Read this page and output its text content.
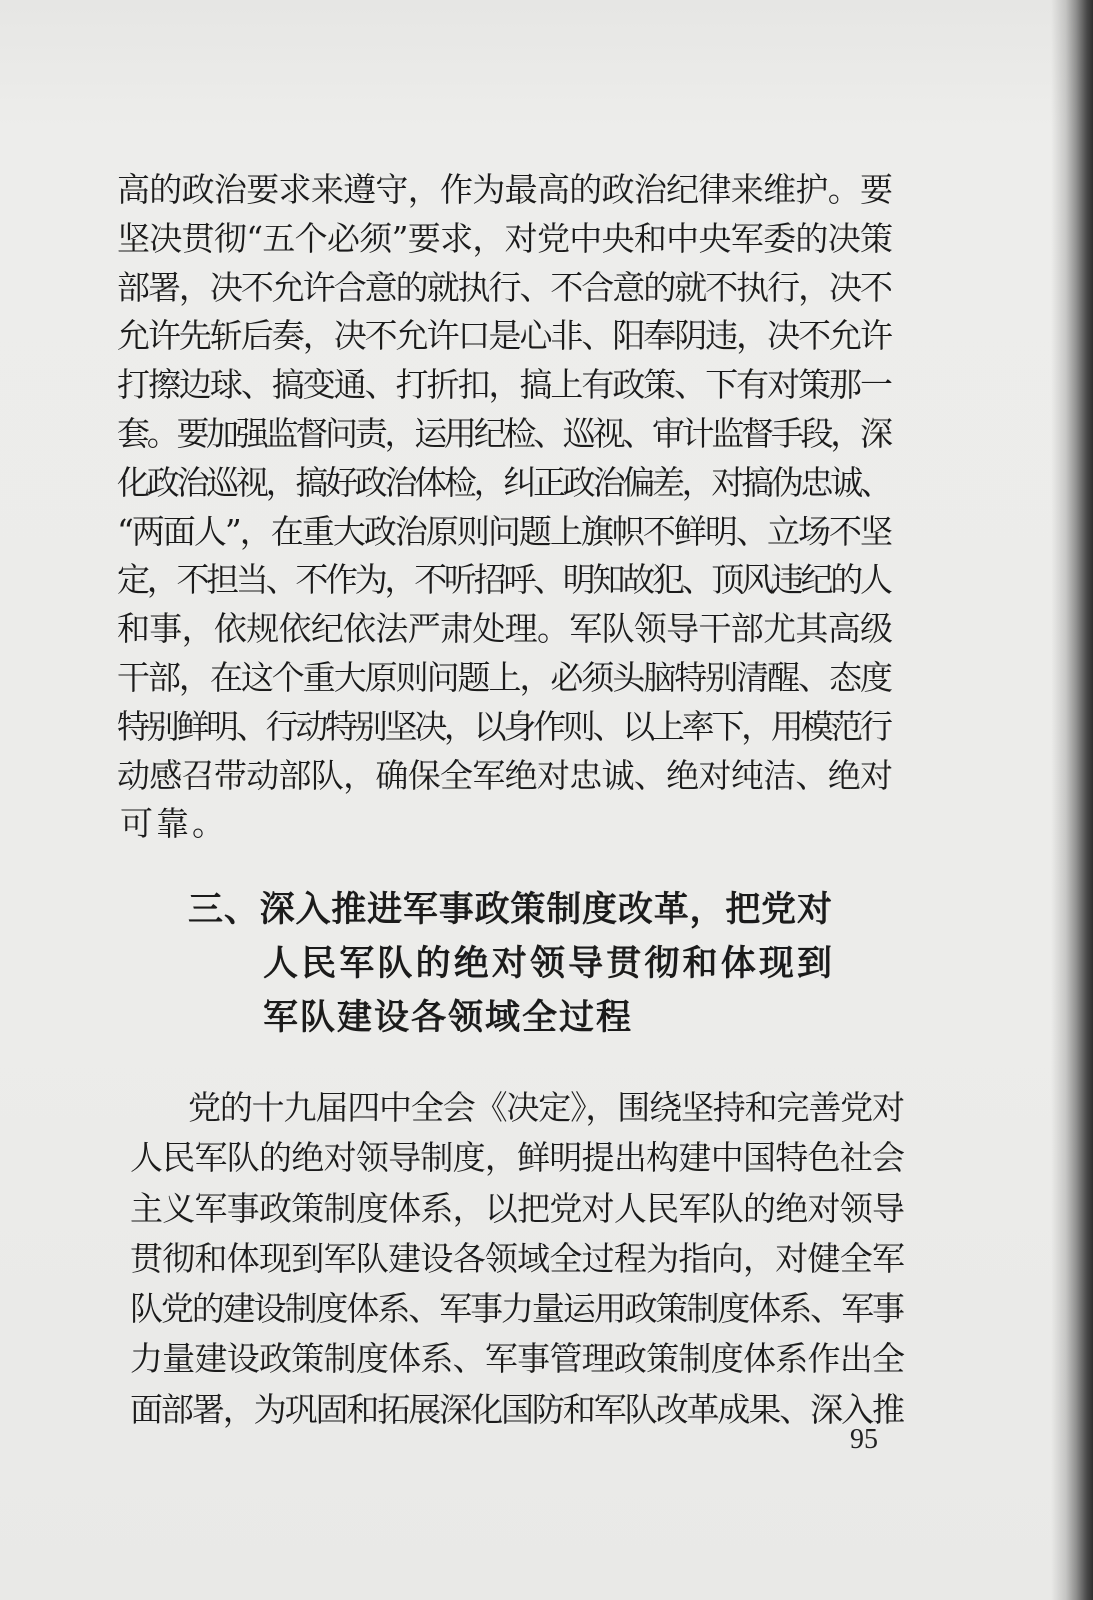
高的政治要求来遵守，作为最高的政治纪律来维护。要
坚决贯彻“五个必须”要求，对党中央和中央军委的决策
部署，决不允许合意的就执行、不合意的就不执行，决不
允许先斩后奏，决不允许口是心非、阳奉阴违，决不允许
打擦边球、搞变通、打折扣，搞上有政策、下有对策那一
套。要加强监督问责，运用纪检、巡视、审计监督手段，深
化政治巡视，搞好政治体检，纠正政治偏差，对搞伪忠诚、
“两面人”，在重大政治原则问题上旗帜不鲜明、立场不坚
定，不担当、不作为，不听招呼、明知故犯、顶风违纪的人
和事，依规依纪依法严肃处理。军队领导干部尤其高级
干部，在这个重大原则问题上，必须头脑特别清醒、态度
特别鲜明、行动特别坚决，以身作则、以上率下，用模范行
动感召带动部队，确保全军绝对忠诚、绝对纯洁、绝对
可靠。
三、深入推进军事政策制度改革，把党对
人民军队的绝对领导贯彻和体现到
军队建设各领域全过程
党的十九届四中全会《决定》，围绕坚持和完善党对
人民军队的绝对领导制度，鲜明提出构建中国特色社会
主义军事政策制度体系，以把党对人民军队的绝对领导
贯彻和体现到军队建设各领域全过程为指向，对健全军
队党的建设制度体系、军事力量运用政策制度体系、军事
力量建设政策制度体系、军事管理政策制度体系作出全
面部署，为巩固和拓展深化国防和军队改革成果、深入推
95
